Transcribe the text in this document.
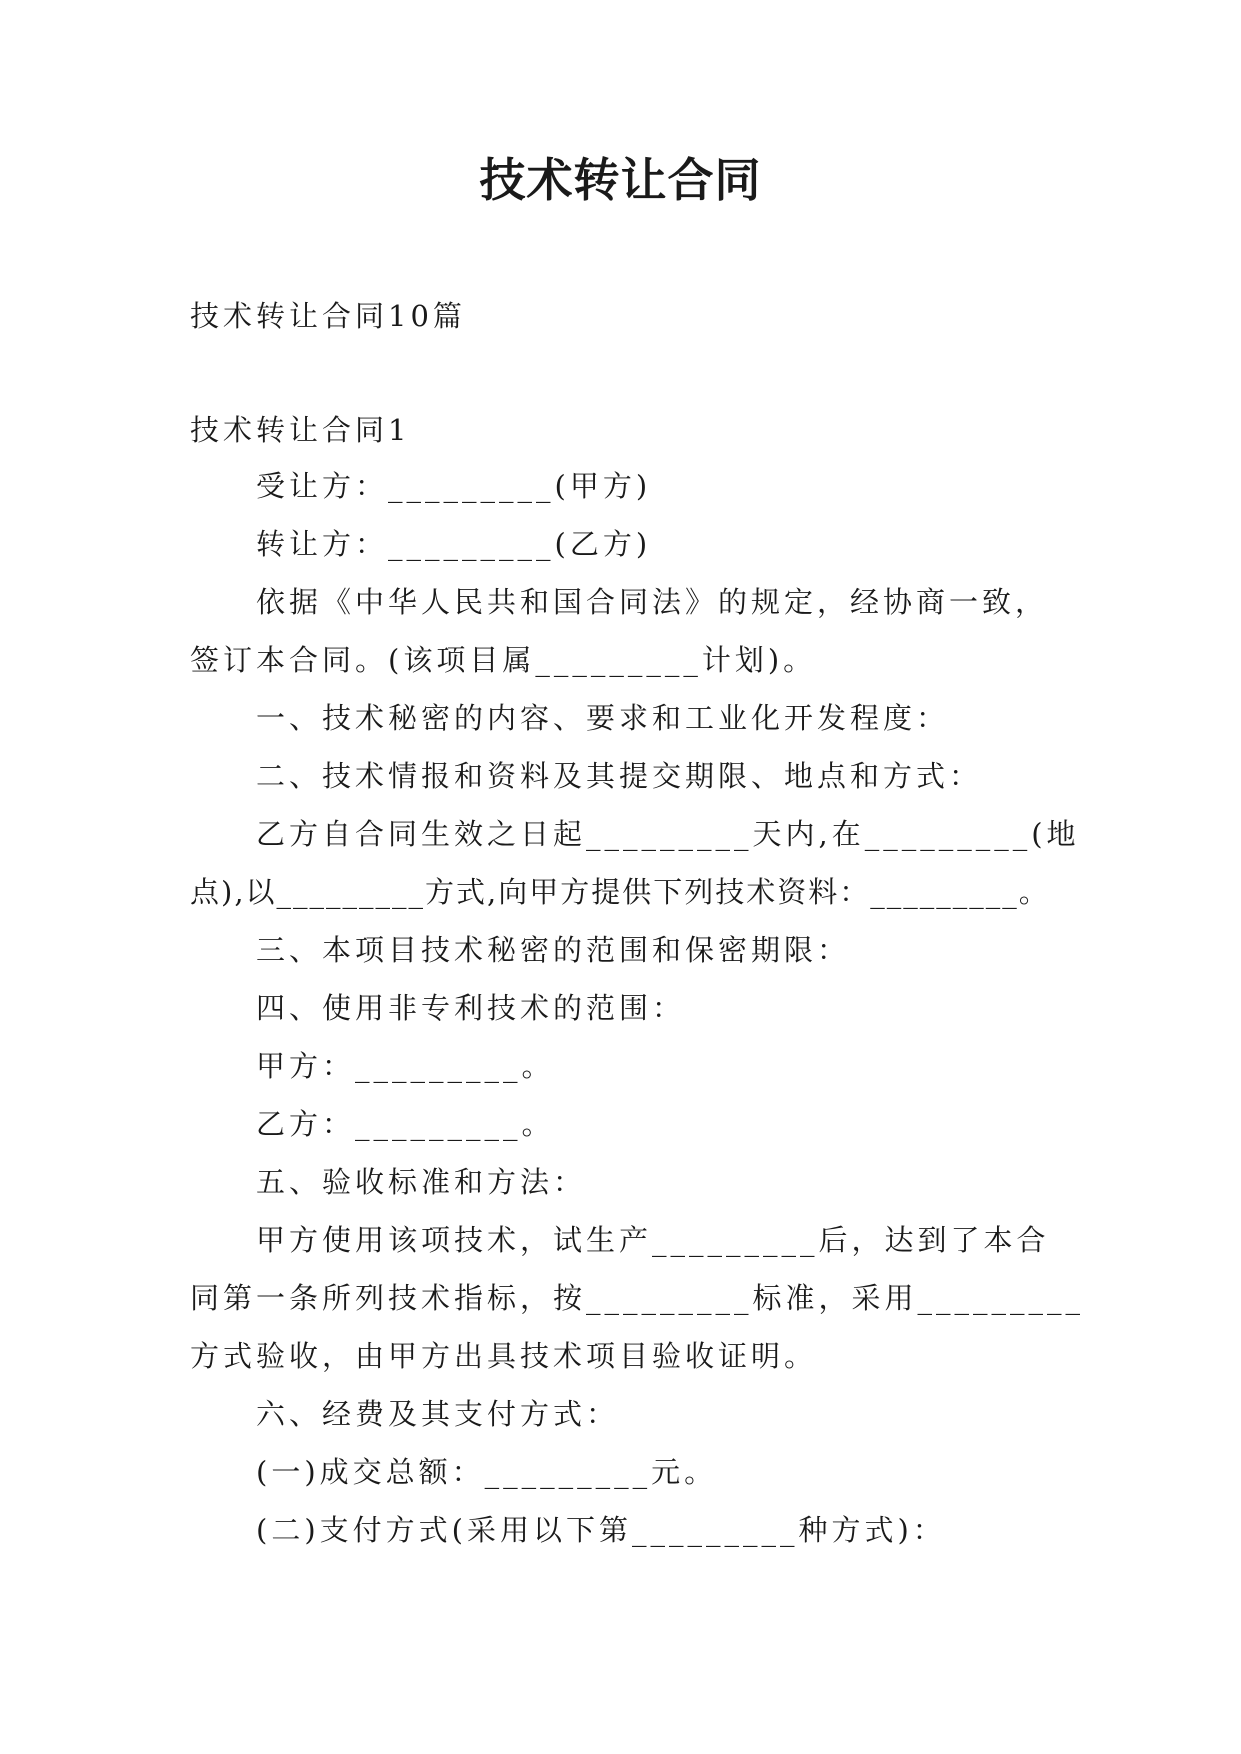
技术转让合同
技术转让合同10篇
技术转让合同1
受让方：_________(甲方)
转让方：_________(乙方)
依据《中华人民共和国合同法》的规定，经协商一致，
签订本合同。(该项目属_________计划)。
一、技术秘密的内容、要求和工业化开发程度：
二、技术情报和资料及其提交期限、地点和方式：
乙方自合同生效之日起_________天内,在_________(地
点),以_________方式,向甲方提供下列技术资料：_________。
三、本项目技术秘密的范围和保密期限：
四、使用非专利技术的范围：
甲方：_________。
乙方：_________。
五、验收标准和方法：
甲方使用该项技术，试生产_________后，达到了本合
同第一条所列技术指标，按_________标准，采用_________
方式验收，由甲方出具技术项目验收证明。
六、经费及其支付方式：
(一)成交总额：_________元。
(二)支付方式(采用以下第_________种方式)：
